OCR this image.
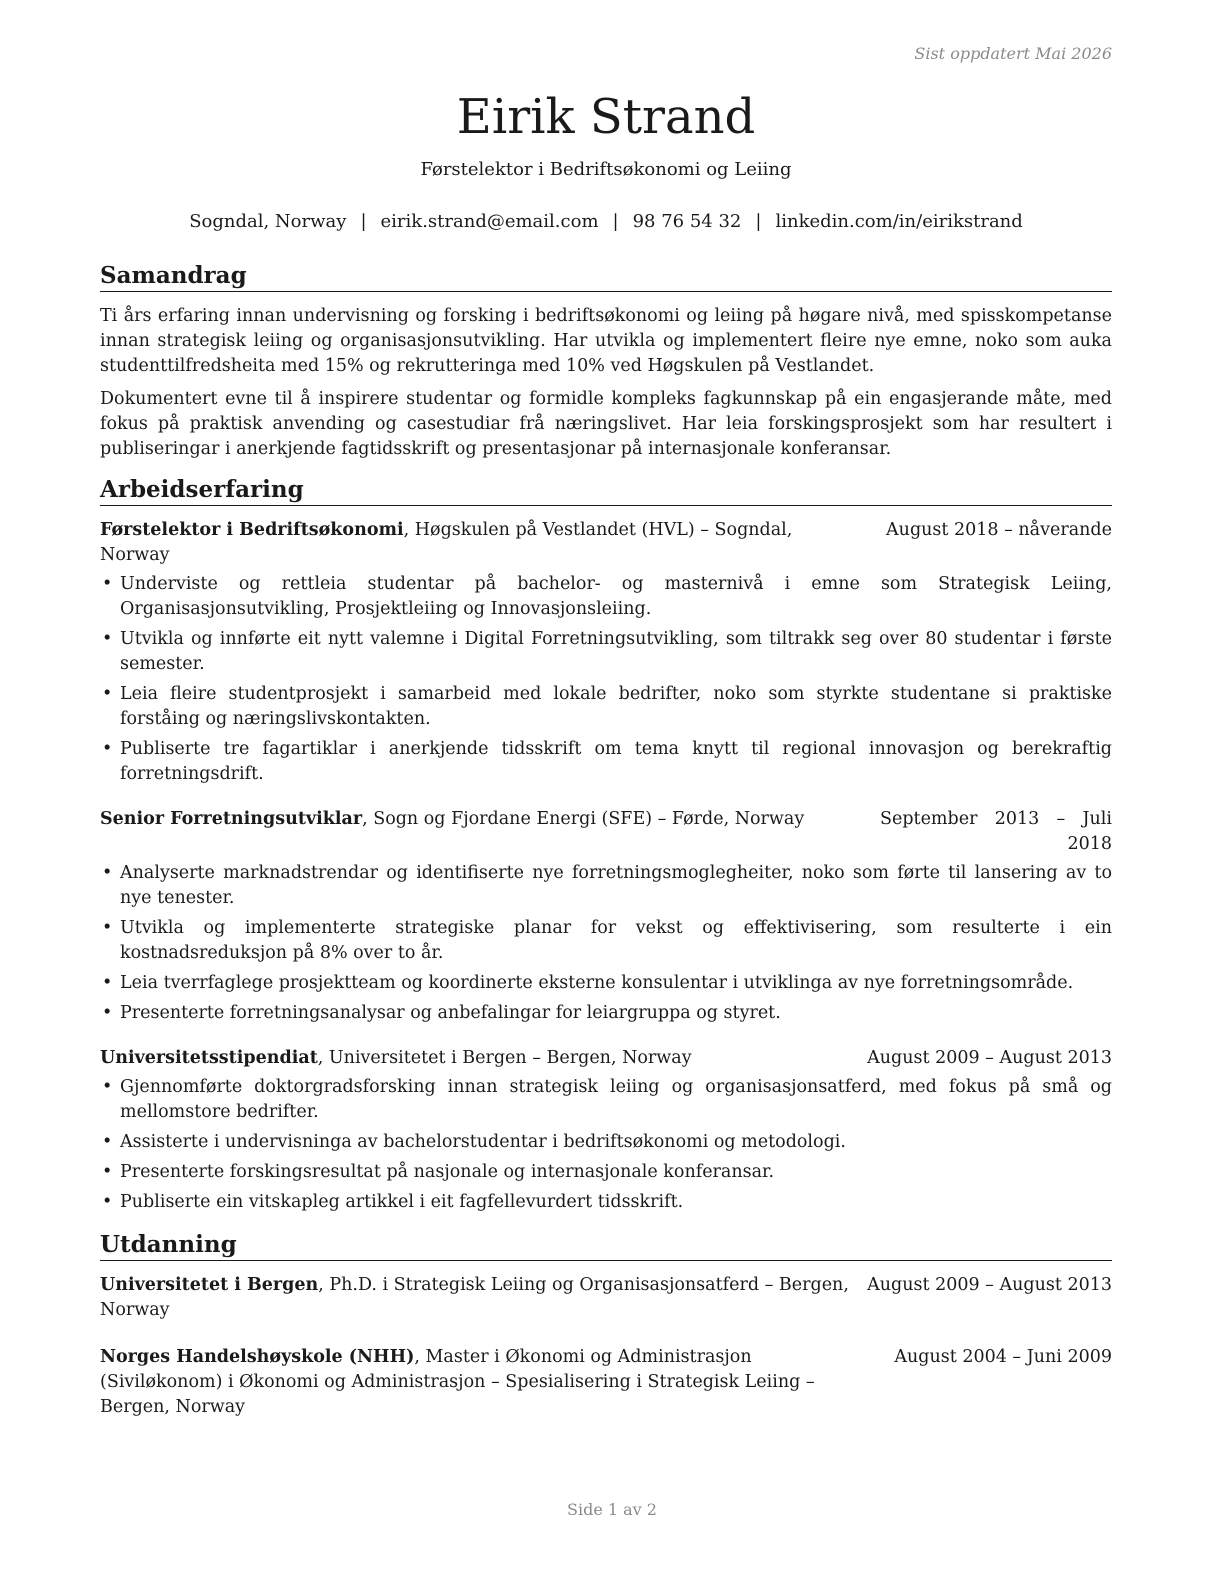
Sist oppdatert Mai 2026
Eirik Strand
Førstelektor i Bedriftsøkonomi og Leiing
Sogndal, Norway | eirik.strand@email.com | 98 76 54 32 | linkedin.com/in/eirikstrand
Samandrag

Ti års erfaring innan undervisning og forsking i bedriftsøkonomi og leiing på høgare nivå, med spisskompetanse innan strategisk leiing og organisasjonsutvikling. Har utvikla og implementert fleire nye emne, noko som auka studenttilfredsheita med 15% og rekrutteringa med 10% ved Høgskulen på Vestlandet.

Dokumentert evne til å inspirere studentar og formidle kompleks fagkunnskap på ein engasjerande måte, med fokus på praktisk anvending og casestudiar frå næringslivet. Har leia forskingsprosjekt som har resultert i publiseringar i anerkjende fagtidsskrift og presentasjonar på internasjonale konferansar.

Arbeidserfaring
Førstelektor i Bedriftsøkonomi, Høgskulen på Vestlandet (HVL) – Sogndal, Norway
August 2018 – nåverande
• Underviste og rettleia studentar på bachelor- og masternivå i emne som Strategisk Leiing, Organisasjonsutvikling, Prosjektleiing og Innovasjonsleiing.
• Utvikla og innførte eit nytt valemne i Digital Forretningsutvikling, som tiltrakk seg over 80 studentar i første semester.
• Leia fleire studentprosjekt i samarbeid med lokale bedrifter, noko som styrkte studentane si praktiske forståing og næringslivskontakten.
• Publiserte tre fagartiklar i anerkjende tidsskrift om tema knytt til regional innovasjon og berekraftig forretningsdrift.
Senior Forretningsutviklar, Sogn og Fjordane Energi (SFE) – Førde, Norway	September 2013 – Juli 2018
• Analyserte marknadstrendar og identifiserte nye forretningsmoglegheiter, noko som førte til lansering av to nye tenester.
• Utvikla og implementerte strategiske planar for vekst og effektivisering, som resulterte i ein kostnadsreduksjon på 8% over to år.
• Leia tverrfaglege prosjektteam og koordinerte eksterne konsulentar i utviklinga av nye forretningsområde.
• Presenterte forretningsanalysar og anbefalingar for leiargruppa og styret.
Universitetsstipendiat, Universitetet i Bergen – Bergen, Norway	August 2009 – August 2013
• Gjennomførte doktorgradsforsking innan strategisk leiing og organisasjonsatferd, med fokus på små og mellomstore bedrifter.
• Assisterte i undervisninga av bachelorstudentar i bedriftsøkonomi og metodologi.
• Presenterte forskingsresultat på nasjonale og internasjonale konferansar.
• Publiserte ein vitskapleg artikkel i eit fagfellevurdert tidsskrift.
Utdanning
Universitetet i Bergen, Ph.D. i Strategisk Leiing og Organisasjonsatferd – Bergen, Norway
August 2009 – August 2013
Norges Handelshøyskole (NHH), Master i Økonomi og Administrasjon (Siviløkonom) i Økonomi og Administrasjon – Spesialisering i Strategisk Leiing – Bergen, Norway
August 2004 – Juni 2009
Side 1 av 2
